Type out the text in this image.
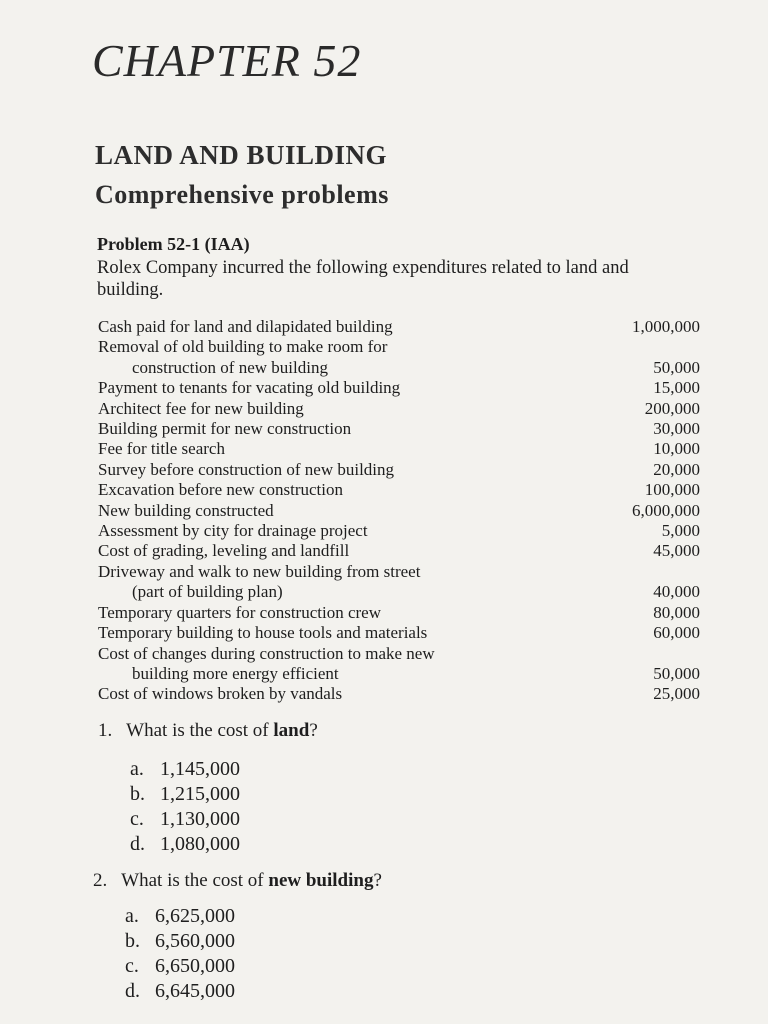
CHAPTER 52
LAND AND BUILDING
Comprehensive problems
Problem 52-1 (IAA)
Rolex Company incurred the following expenditures related to land and building.
Cash paid for land and dilapidated building	1,000,000
Removal of old building to make room for
construction of new building	50,000
Payment to tenants for vacating old building	15,000
Architect fee for new building	200,000
Building permit for new construction	30,000
Fee for title search	10,000
Survey before construction of new building	20,000
Excavation before new construction	100,000
New building constructed	6,000,000
Assessment by city for drainage project	5,000
Cost of grading, leveling and landfill	45,000
Driveway and walk to new building from street
(part of building plan)	40,000
Temporary quarters for construction crew	80,000
Temporary building to house tools and materials	60,000
Cost of changes during construction to make new
building more energy efficient	50,000
Cost of windows broken by vandals	25,000
1. What is the cost of land?
a. 1,145,000
b. 1,215,000
c. 1,130,000
d. 1,080,000
2. What is the cost of new building?
a. 6,625,000
b. 6,560,000
c. 6,650,000
d. 6,645,000
